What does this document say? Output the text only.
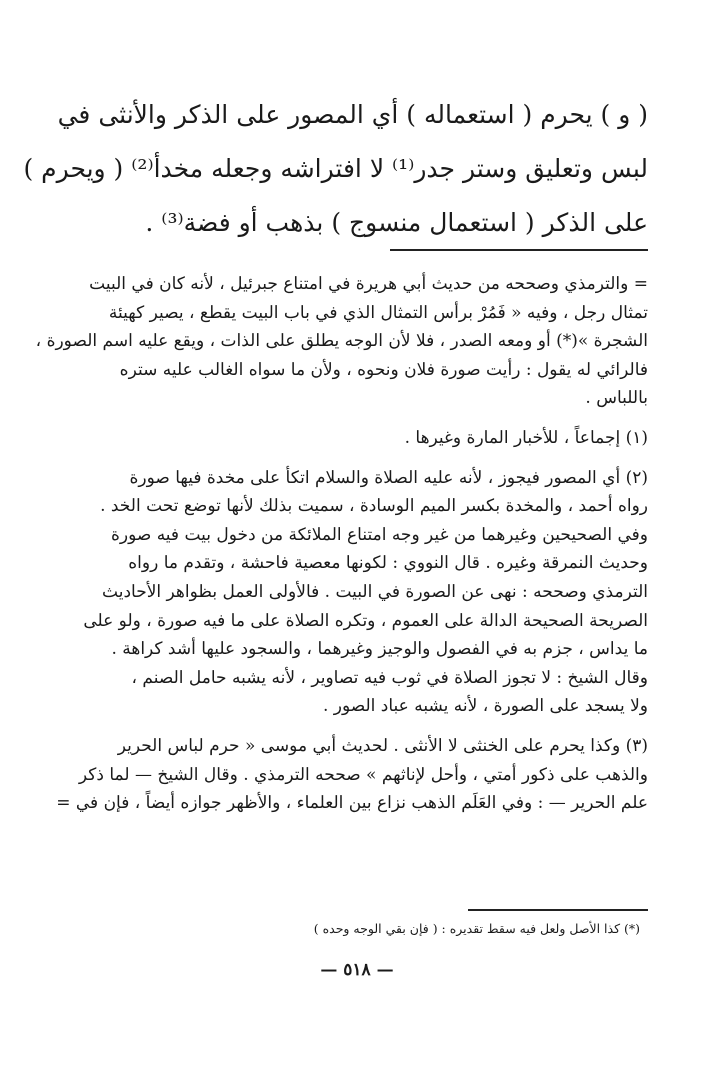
( و ) يحرم ( استعماله ) أي المصور على الذكر والأنثى في
لبس وتعليق وستر جدر⁽¹⁾ لا افتراشه وجعله مخدأ⁽²⁾ ( ويحرم )
على الذكر ( استعمال منسوج ) بذهب أو فضة⁽³⁾ .
= والترمذي وصححه من حديث أبي هريرة في امتناع جبرئيل ، لأنه كان في البيت
تمثال رجل ، وفيه « فَمُرْ برأس التمثال الذي في باب البيت يقطع ، يصير كهيئة
الشجرة »(*) أو ومعه الصدر ، فلا لأن الوجه يطلق على الذات ، ويقع عليه اسم الصورة ،
فالرائي له يقول : رأيت صورة فلان ونحوه ، ولأن ما سواه الغالب عليه ستره
باللباس .
(١) إجماعاً ، للأخبار المارة وغيرها .
(٢) أي المصور فيجوز ، لأنه عليه الصلاة والسلام اتكأ على مخدة فيها صورة
رواه أحمد ، والمخدة بكسر الميم الوسادة ، سميت بذلك لأنها توضع تحت الخد .
وفي الصحيحين وغيرهما من غير وجه امتناع الملائكة من دخول بيت فيه صورة
وحديث النمرقة وغيره . قال النووي : لكونها معصية فاحشة ، وتقدم ما رواه
الترمذي وصححه : نهى عن الصورة في البيت . فالأولى العمل بظواهر الأحاديث
الصريحة الصحيحة الدالة على العموم ، وتكره الصلاة على ما فيه صورة ، ولو على
ما يداس ، جزم به في الفصول والوجيز وغيرهما ، والسجود عليها أشد كراهة .
وقال الشيخ : لا تجوز الصلاة في ثوب فيه تصاوير ، لأنه يشبه حامل الصنم ،
ولا يسجد على الصورة ، لأنه يشبه عباد الصور .
(٣) وكذا يحرم على الخنثى لا الأنثى . لحديث أبي موسى « حرم لباس الحرير
والذهب على ذكور أمتي ، وأحل لإناثهم » صححه الترمذي . وقال الشيخ — لما ذكر
علم الحرير — : وفي العَلَم الذهب نزاع بين العلماء ، والأظهر جوازه أيضاً ، فإن في =
(*) كذا الأصل ولعل فيه سقط تقديره : ( فإن بقي الوجه وحده )
— ٥١٨ —
